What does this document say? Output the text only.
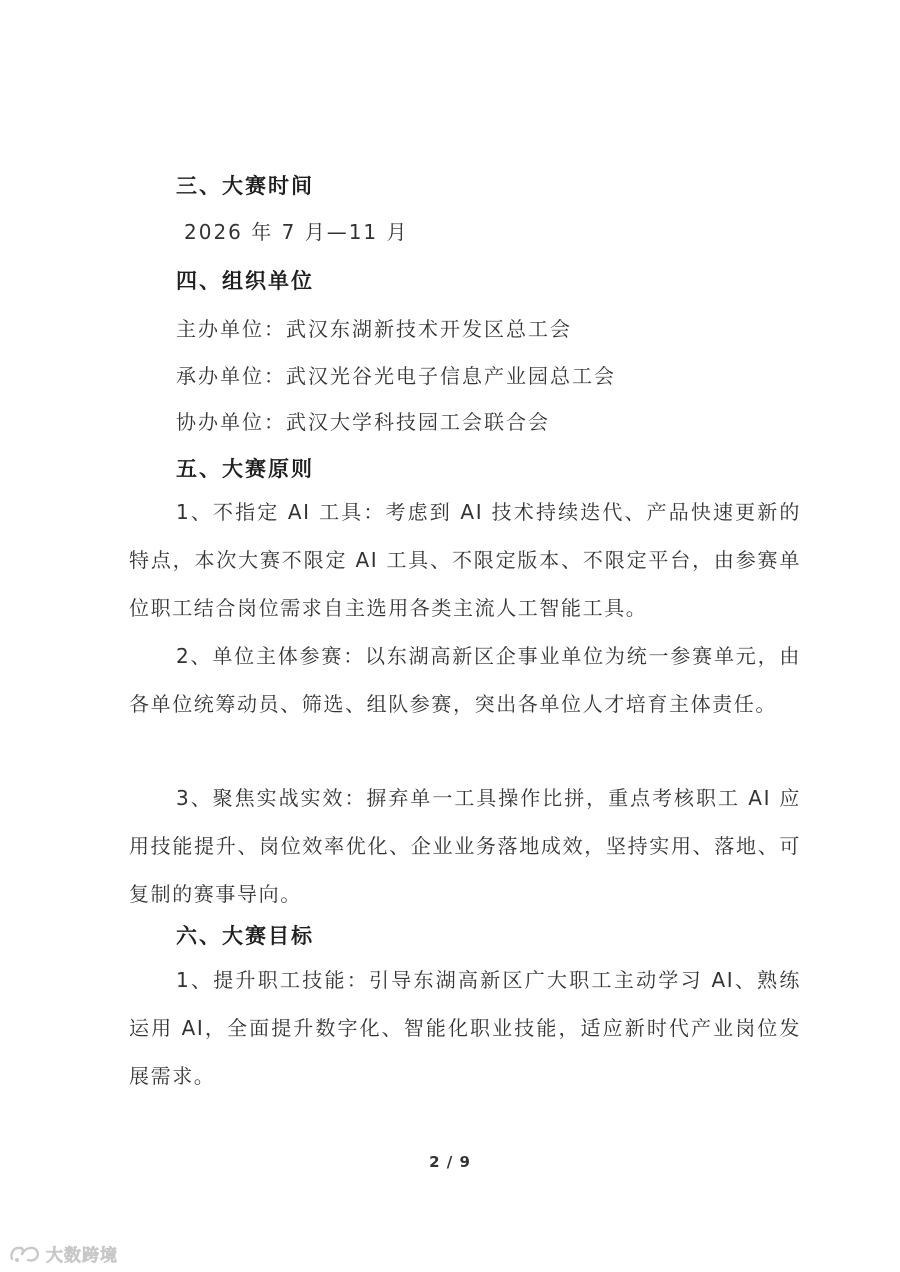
三、大赛时间
2026 年 7 月—11 月
四、组织单位
主办单位：武汉东湖新技术开发区总工会
承办单位：武汉光谷光电子信息产业园总工会
协办单位：武汉大学科技园工会联合会
五、大赛原则
1、不指定 AI 工具：考虑到 AI 技术持续迭代、产品快速更新的特点，本次大赛不限定 AI 工具、不限定版本、不限定平台，由参赛单位职工结合岗位需求自主选用各类主流人工智能工具。
2、单位主体参赛：以东湖高新区企事业单位为统一参赛单元，由各单位统筹动员、筛选、组队参赛，突出各单位人才培育主体责任。
3、聚焦实战实效：摒弃单一工具操作比拼，重点考核职工 AI 应用技能提升、岗位效率优化、企业业务落地成效，坚持实用、落地、可复制的赛事导向。
六、大赛目标
1、提升职工技能：引导东湖高新区广大职工主动学习 AI、熟练运用 AI，全面提升数字化、智能化职业技能，适应新时代产业岗位发展需求。
2 / 9
大数跨境
